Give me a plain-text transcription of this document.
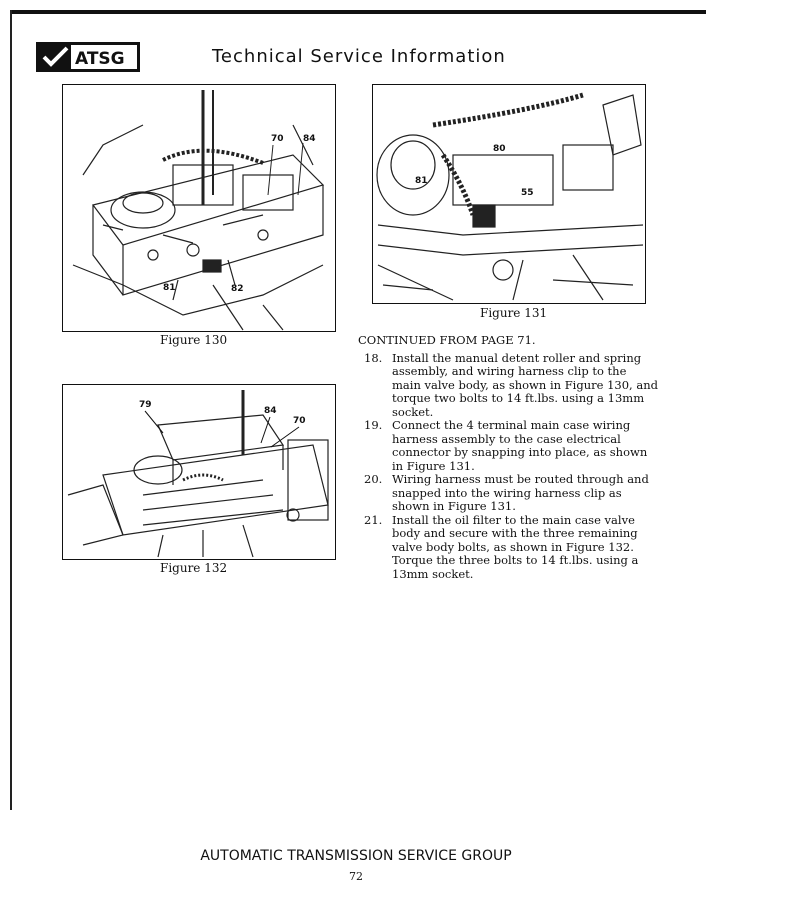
ATSG	Technical Service Information
70 84
81	82
Figure 130
80
81
55
Figure 131
79
84
70
Figure 132
CONTINUED FROM PAGE 71.
18. Install the manual detent roller and spring assembly, and wiring harness clip to the main valve body, as shown in Figure 130, and torque two bolts to 14 ft.lbs. using a 13mm socket.
19. Connect the 4 terminal main case wiring harness assembly to the case electrical connector by snapping into place, as shown in Figure 131.
20. Wiring harness must be routed through and snapped into the wiring harness clip as shown in Figure 131.
21. Install the oil filter to the main case valve body and secure with the three remaining valve body bolts, as shown in Figure 132. Torque the three bolts to 14 ft.lbs. using a 13mm socket.
AUTOMATIC TRANSMISSION SERVICE GROUP
72
